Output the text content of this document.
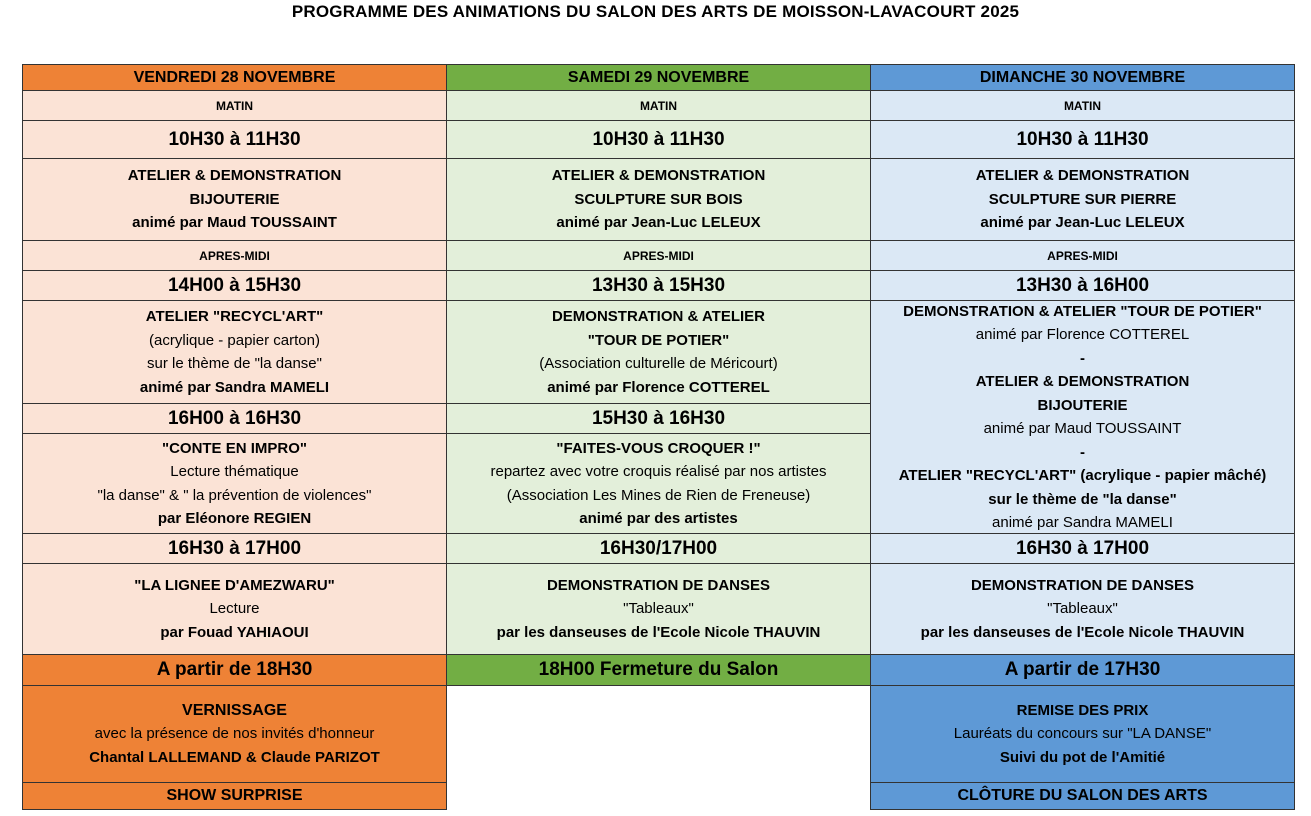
PROGRAMME DES ANIMATIONS DU SALON DES ARTS DE MOISSON-LAVACOURT 2025
VENDREDI 28 NOVEMBRE
MATIN
10H30 à 11H30
ATELIER & DEMONSTRATION
BIJOUTERIE
animé par Maud TOUSSAINT
APRES-MIDI
14H00 à 15H30
ATELIER "RECYCL'ART"
(acrylique - papier carton)
sur le thème de "la danse"
animé par Sandra MAMELI
16H00 à 16H30
"CONTE EN IMPRO"
Lecture thématique
"la danse" & " la prévention de violences"
par Eléonore REGIEN
16H30 à 17H00
"LA LIGNEE D'AMEZWARU"
Lecture
par Fouad YAHIAOUI
A partir de 18H30
VERNISSAGE
avec la présence de nos invités d'honneur
Chantal LALLEMAND & Claude PARIZOT
SHOW SURPRISE
SAMEDI 29 NOVEMBRE
MATIN
10H30 à 11H30
ATELIER & DEMONSTRATION
SCULPTURE SUR BOIS
animé par Jean-Luc LELEUX
APRES-MIDI
13H30 à 15H30
DEMONSTRATION & ATELIER
"TOUR DE POTIER"
(Association culturelle de Méricourt)
animé par Florence COTTEREL
15H30 à 16H30
"FAITES-VOUS CROQUER !"
repartez avec votre croquis réalisé par nos artistes
(Association Les Mines de Rien de Freneuse)
animé par des artistes
16H30/17H00
DEMONSTRATION DE DANSES
"Tableaux"
par les danseuses de l'Ecole Nicole THAUVIN
18H00 Fermeture du Salon
DIMANCHE 30 NOVEMBRE
MATIN
10H30 à 11H30
ATELIER & DEMONSTRATION
SCULPTURE SUR PIERRE
animé par Jean-Luc LELEUX
APRES-MIDI
13H30 à 16H00
DEMONSTRATION & ATELIER "TOUR DE POTIER"
animé par Florence COTTEREL
-
ATELIER & DEMONSTRATION
BIJOUTERIE
animé par Maud TOUSSAINT
-
ATELIER "RECYCL'ART" (acrylique - papier mâché)
sur le thème de "la danse"
animé par Sandra MAMELI
16H30 à 17H00
DEMONSTRATION DE DANSES
"Tableaux"
par les danseuses de l'Ecole Nicole THAUVIN
A partir de 17H30
REMISE DES PRIX
Lauréats du concours sur "LA DANSE"
Suivi du pot de l'Amitié
CLÔTURE DU SALON DES ARTS
